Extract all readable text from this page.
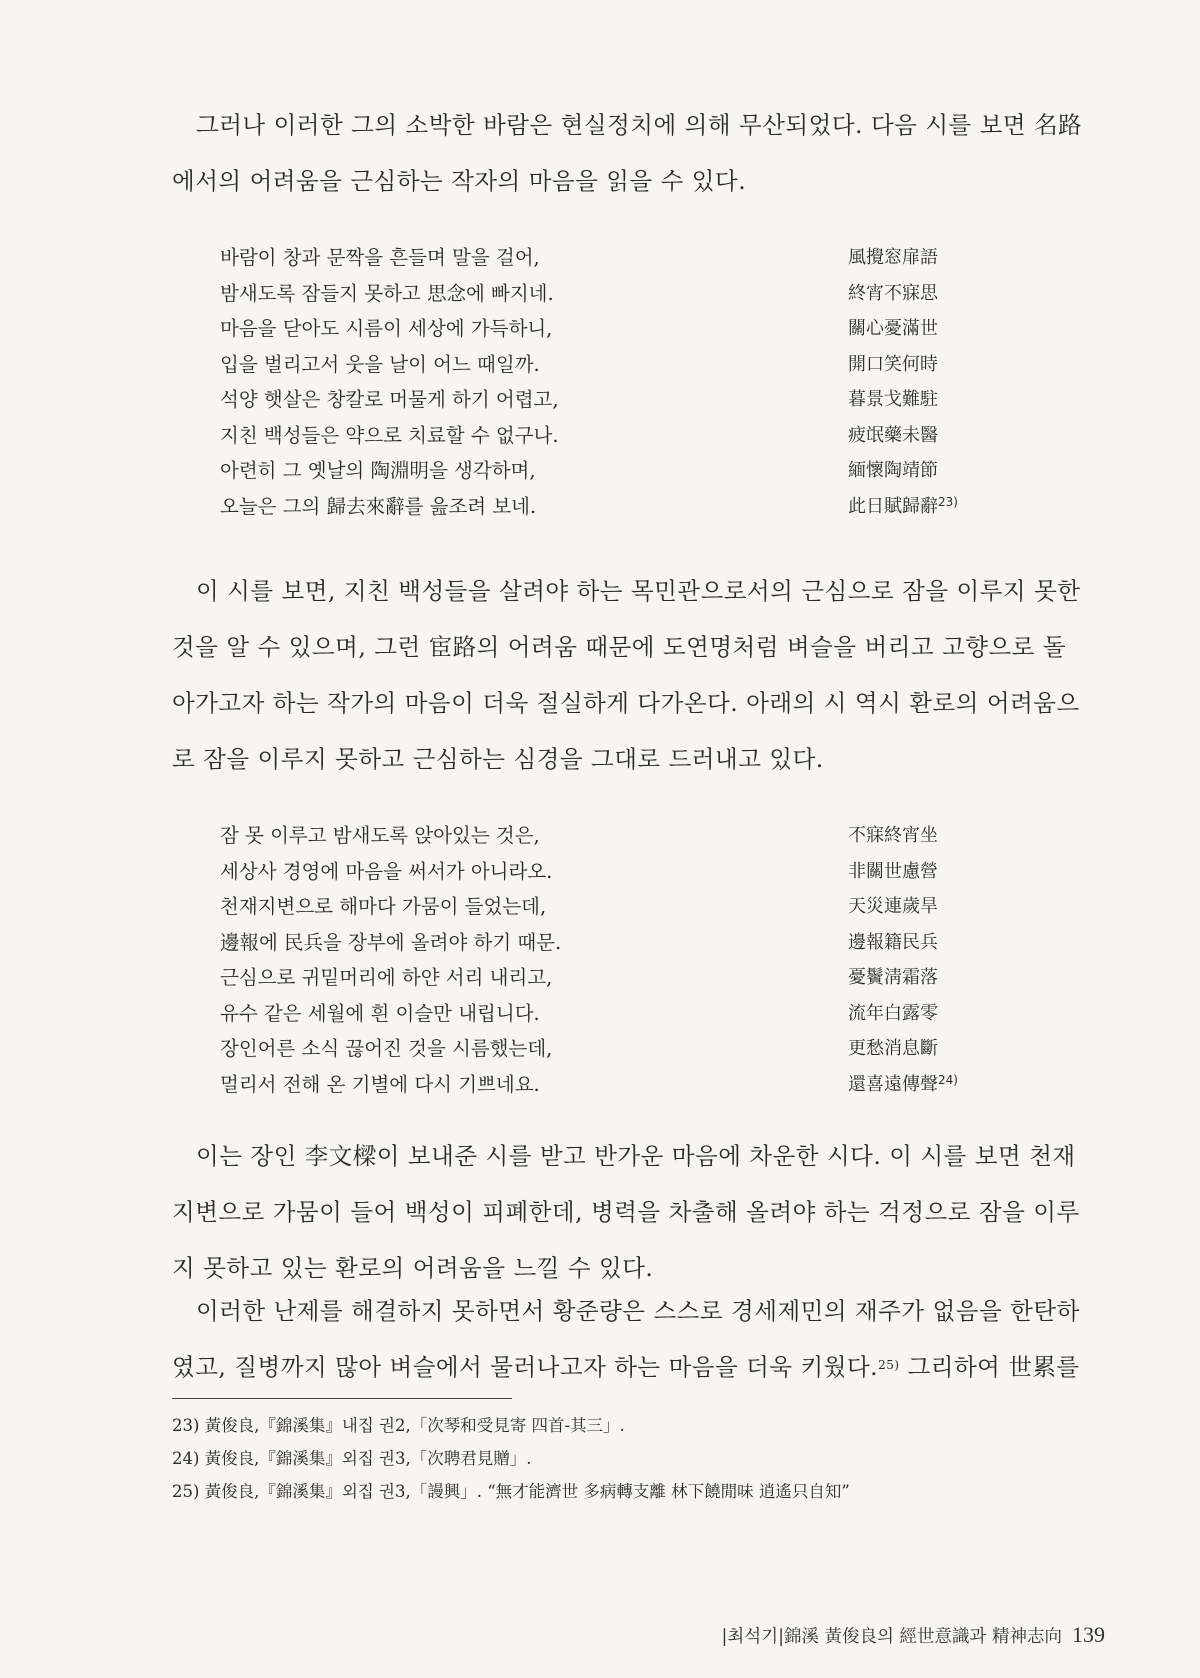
그러나 이러한 그의 소박한 바람은 현실정치에 의해 무산되었다. 다음 시를 보면 名路
에서의 어려움을 근심하는 작자의 마음을 읽을 수 있다.

바람이 창과 문짝을 흔들며 말을 걸어,	風攪窓扉語
밤새도록 잠들지 못하고 思念에 빠지네.	終宵不寐思
마음을 닫아도 시름이 세상에 가득하니,	關心憂滿世
입을 벌리고서 웃을 날이 어느 때일까.	開口笑何時
석양 햇살은 창칼로 머물게 하기 어렵고,	暮景戈難駐
지친 백성들은 약으로 치료할 수 없구나.	疲氓藥未醫
아련히 그 옛날의 陶淵明을 생각하며,	緬懷陶靖節
오늘은 그의 歸去來辭를 읊조려 보네.	此日賦歸辭$^{23)}$

이 시를 보면, 지친 백성들을 살려야 하는 목민관으로서의 근심으로 잠을 이루지 못한
것을 알 수 있으며, 그런 宦路의 어려움 때문에 도연명처럼 벼슬을 버리고 고향으로 돌
아가고자 하는 작가의 마음이 더욱 절실하게 다가온다. 아래의 시 역시 환로의 어려움으
로 잠을 이루지 못하고 근심하는 심경을 그대로 드러내고 있다.

잠 못 이루고 밤새도록 앉아있는 것은,	不寐終宵坐
세상사 경영에 마음을 써서가 아니라오.	非關世慮營
천재지변으로 해마다 가뭄이 들었는데,	天災連歲旱
邊報에 民兵을 장부에 올려야 하기 때문.	邊報籍民兵
근심으로 귀밑머리에 하얀 서리 내리고,	憂鬢淸霜落
유수 같은 세월에 흰 이슬만 내립니다.	流年白露零
장인어른 소식 끊어진 것을 시름했는데,	更愁消息斷
멀리서 전해 온 기별에 다시 기쁘네요.	還喜遠傳聲$^{24)}$

이는 장인 李文樑이 보내준 시를 받고 반가운 마음에 차운한 시다. 이 시를 보면 천재
지변으로 가뭄이 들어 백성이 피폐한데, 병력을 차출해 올려야 하는 걱정으로 잠을 이루
지 못하고 있는 환로의 어려움을 느낄 수 있다.

이러한 난제를 해결하지 못하면서 황준량은 스스로 경세제민의 재주가 없음을 한탄하
였고, 질병까지 많아 벼슬에서 물러나고자 하는 마음을 더욱 키웠다.$^{25)}$ 그리하여 世累를

23) 黃俊良,『錦溪集』내집 권2,「次琴和受見寄 四首-其三」.
24) 黃俊良,『錦溪集』외집 권3,「次聘君見贈」.
25) 黃俊良,『錦溪集』외집 권3,「謾興」. “無才能濟世 多病轉支離 林下饒閒味 逍遙只自知”
|최석기|錦溪 黃俊良의 經世意識과 精神志向 139
